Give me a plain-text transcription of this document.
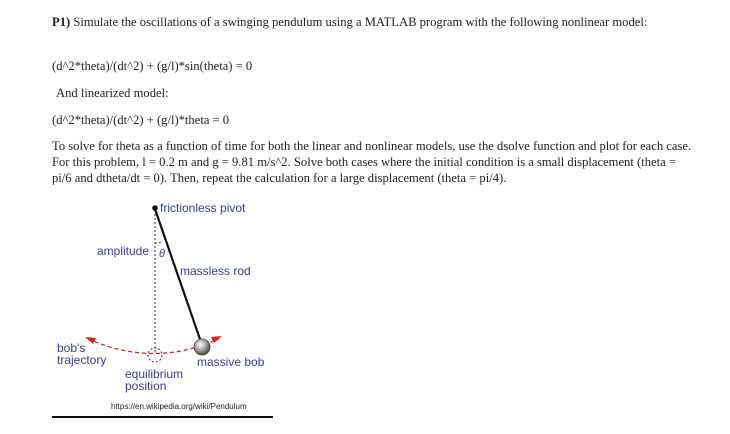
P1) Simulate the oscillations of a swinging pendulum using a MATLAB program with the following nonlinear model:
(d^2*theta)/(dt^2) + (g/l)*sin(theta) = 0
And linearized model:
(d^2*theta)/(dt^2) + (g/l)*theta = 0
To solve for theta as a function of time for both the linear and nonlinear models, use the dsolve function and plot for each case. For this problem, l = 0.2 m and g = 9.81 m/s^2. Solve both cases where the initial condition is a small displacement (theta = pi/6 and dtheta/dt = 0). Then, repeat the calculation for a large displacement (theta = pi/4).
frictionless pivot
amplitude θ
massless rod
bob's
trajectory	massive bob
equilibrium
position
https://en.wikipedia.org/wiki/Pendulum
